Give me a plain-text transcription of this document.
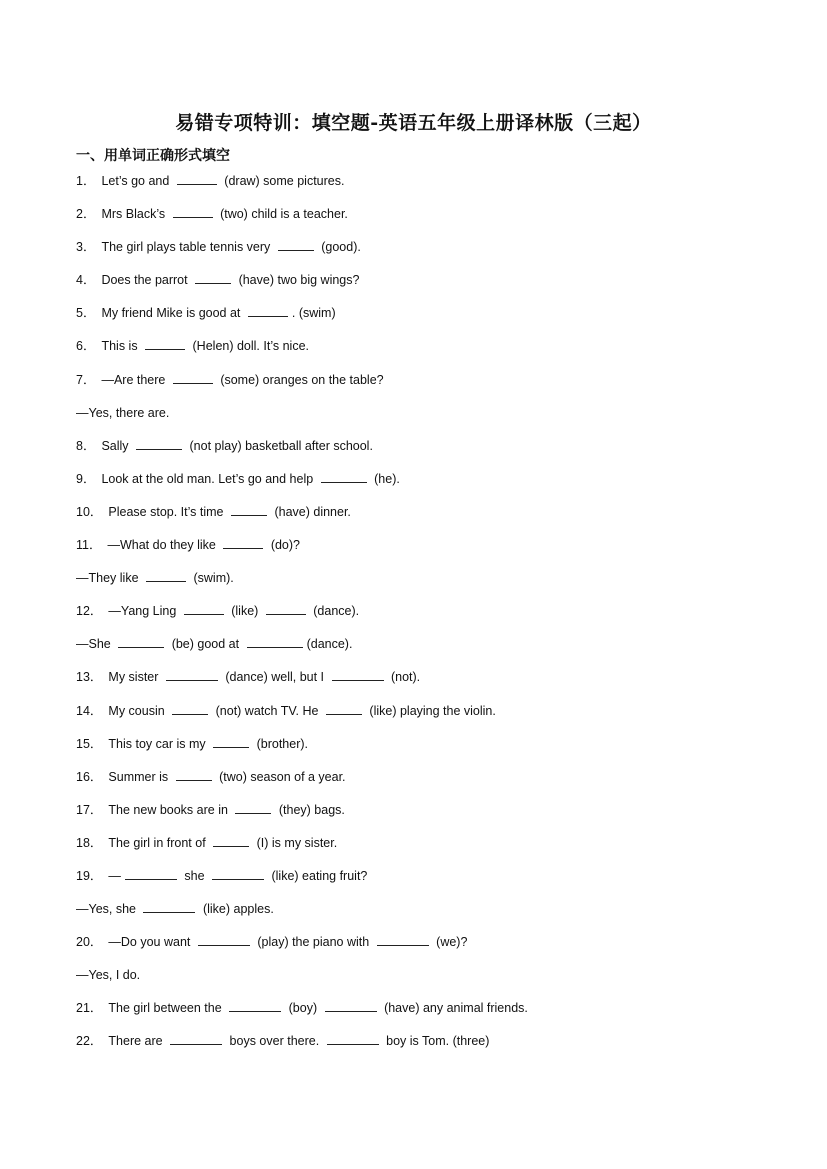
易错专项特训：填空题-英语五年级上册译林版（三起）
一、用单词正确形式填空
1． Let’s go and	(draw) some pictures.
2． Mrs Black’s	(two) child is a teacher.
3． The girl plays table tennis very	(good).
4． Does the parrot	(have) two big wings?
5． My friend Mike is good at	. (swim)
6． This is	(Helen) doll. It’s nice.
7． —Are there	(some) oranges on the table?
—Yes, there are.
8． Sally	(not play) basketball after school.
9． Look at the old man. Let’s go and help	(he).
10． Please stop. It’s time	(have) dinner.
11． —What do they like	(do)?
—They like	(swim).
12． —Yang Ling	(like)	(dance).
—She	(be) good at	(dance).
13． My sister	(dance) well, but I	(not).
14． My cousin	(not) watch TV. He	(like) playing the violin.
15． This toy car is my	(brother).
16． Summer is	(two) season of a year.
17． The new books are in	(they) bags.
18． The girl in front of	(I) is my sister.
19． —	she	(like) eating fruit?
—Yes, she	(like) apples.
20． —Do you want	(play) the piano with	(we)?
—Yes, I do.
21． The girl between the	(boy)	(have) any animal friends.
22． There are	boys over there.	boy is Tom. (three)
